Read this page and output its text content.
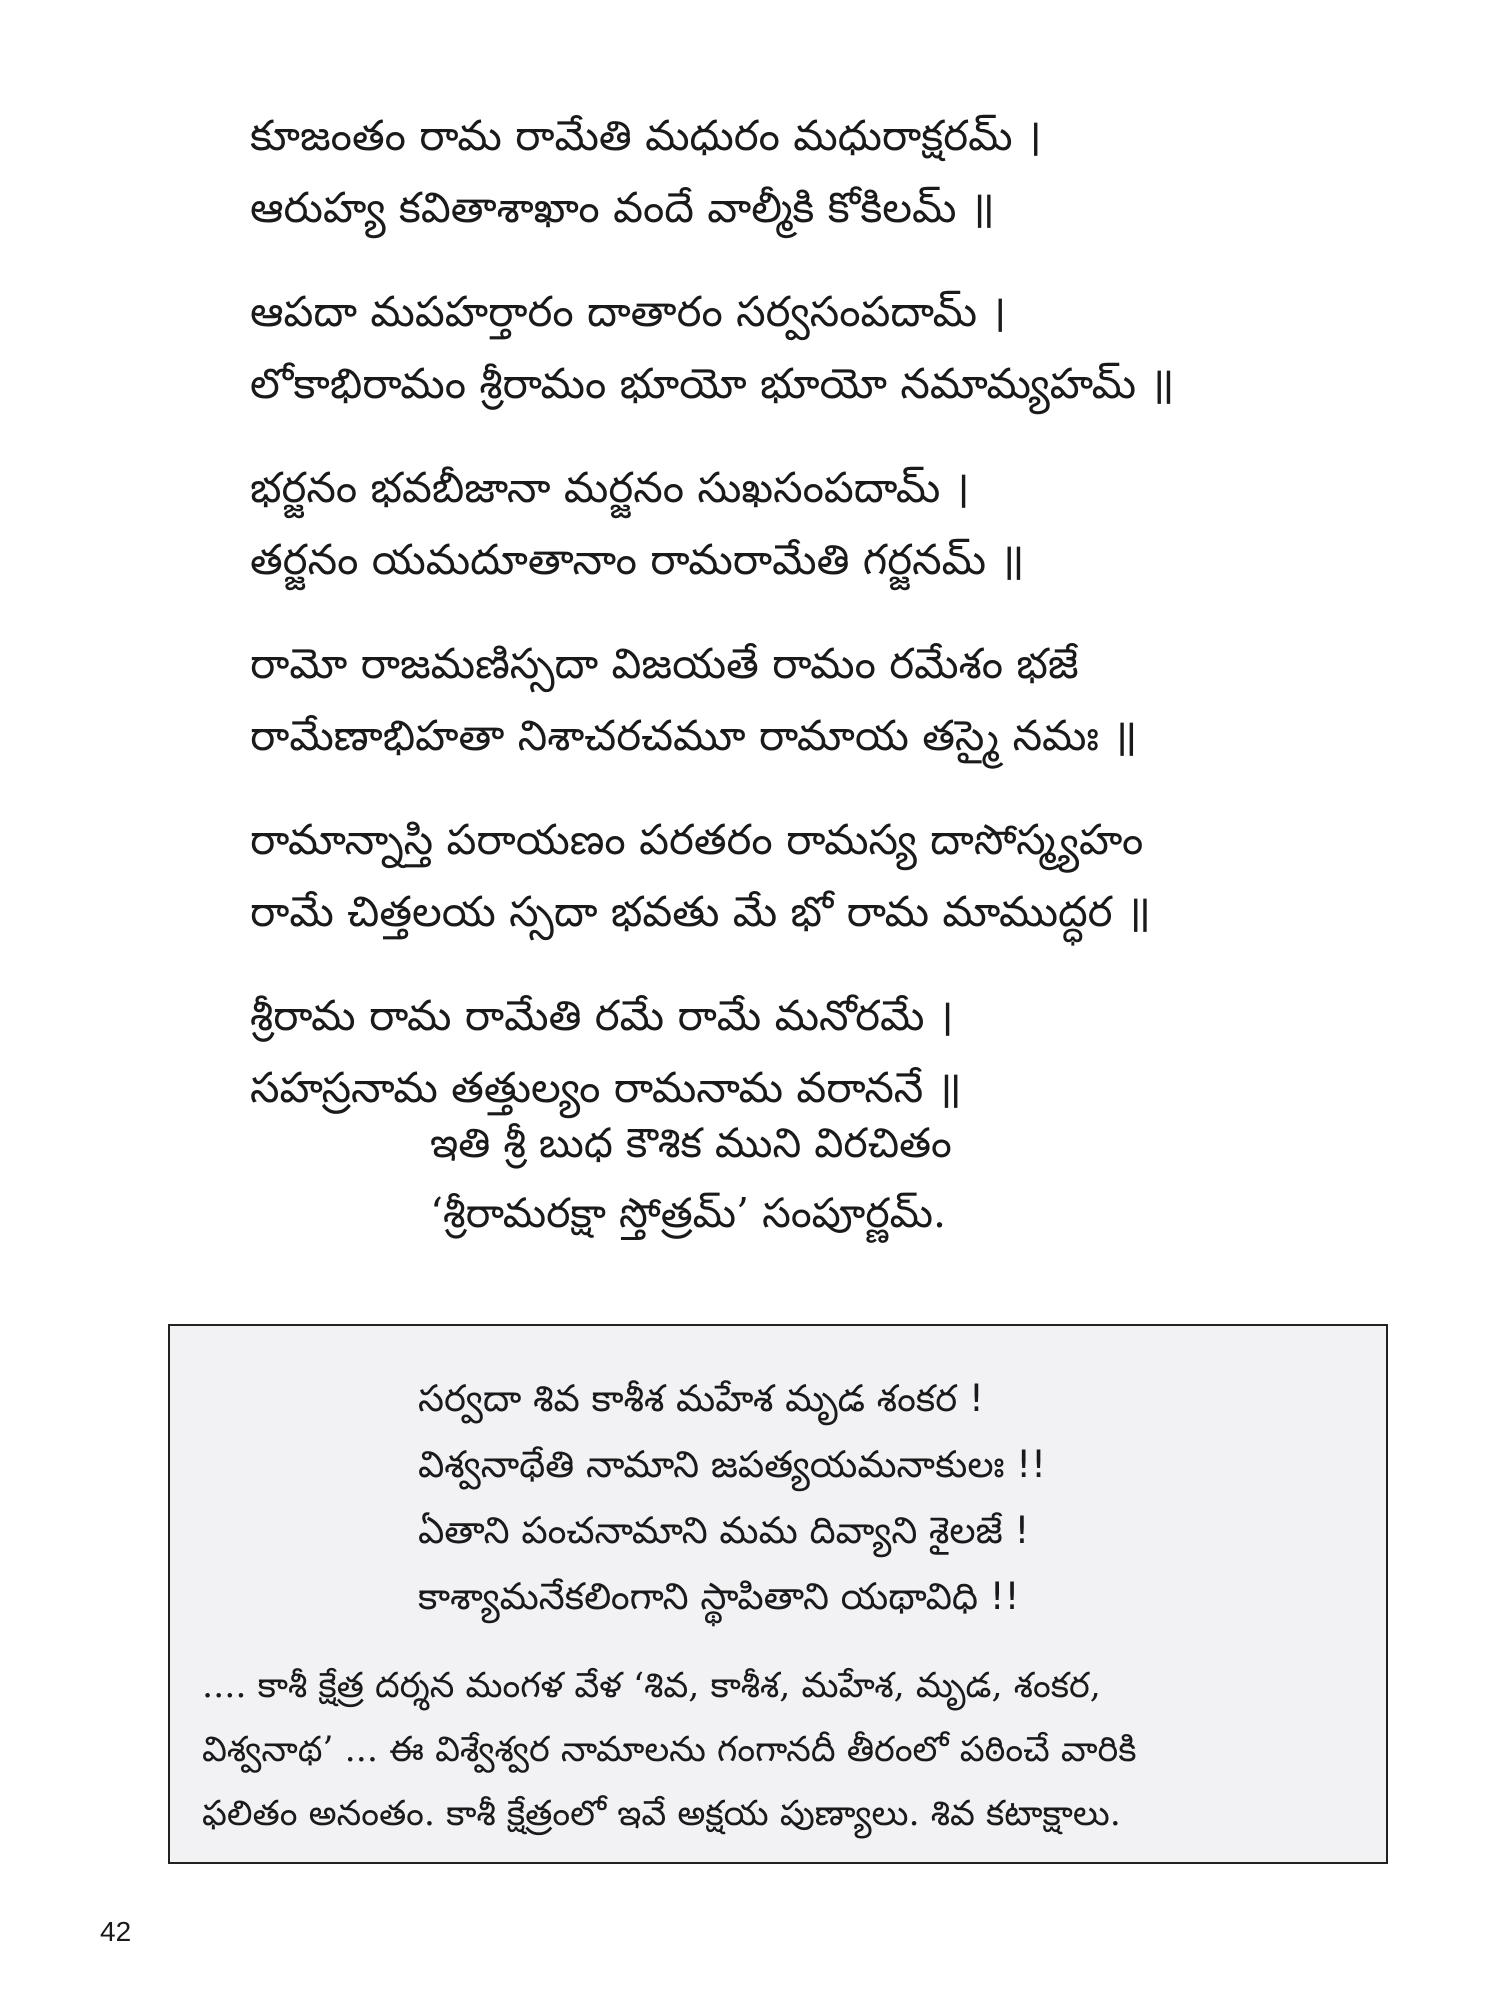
కూజంతం రామ రామేతి మధురం మధురాక్షరమ్ ।
ఆరుహ్య కవితాశాఖాం వందే వాల్మీకి కోకిలమ్ ॥
ఆపదా మపహర్తారం దాతారం సర్వసంపదామ్ ।
లోకాభిరామం శ్రీరామం భూయో భూయో నమామ్యహమ్ ॥
భర్జనం భవబీజానా మర్జనం సుఖసంపదామ్ ।
తర్జనం యమదూతానాం రామరామేతి గర్జనమ్ ॥
రామో రాజమణిస్సదా విజయతే రామం రమేశం భజే
రామేణాభిహతా నిశాచరచమూ రామాయ తస్మై నమః ॥
రామాన్నాస్తి పరాయణం పరతరం రామస్య దాసోస్మ్యహం
రామే చిత్తలయ స్సదా భవతు మే భో రామ మాముద్ధర ॥
శ్రీరామ రామ రామేతి రమే రామే మనోరమే ।
సహస్రనామ తత్తుల్యం రామనామ వరాననే ॥
ఇతి శ్రీ బుధ కౌశిక ముని విరచితం
‘శ్రీరామరక్షా స్తోత్రమ్’ సంపూర్ణమ్.
సర్వదా శివ కాశీశ మహేశ మృడ శంకర !
విశ్వనాథేతి నామాని జపత్యయమనాకులః !!
ఏతాని పంచనామాని మమ దివ్యాని శైలజే !
కాశ్యామనేకలింగాని స్థాపితాని యథావిధి !!
.... కాశీ క్షేత్ర దర్శన మంగళ వేళ ‘శివ, కాశీశ, మహేశ, మృడ, శంకర,
విశ్వనాథ’ ... ఈ విశ్వేశ్వర నామాలను గంగానదీ తీరంలో పఠించే వారికి
ఫలితం అనంతం. కాశీ క్షేత్రంలో ఇవే అక్షయ పుణ్యాలు. శివ కటాక్షాలు.
42
